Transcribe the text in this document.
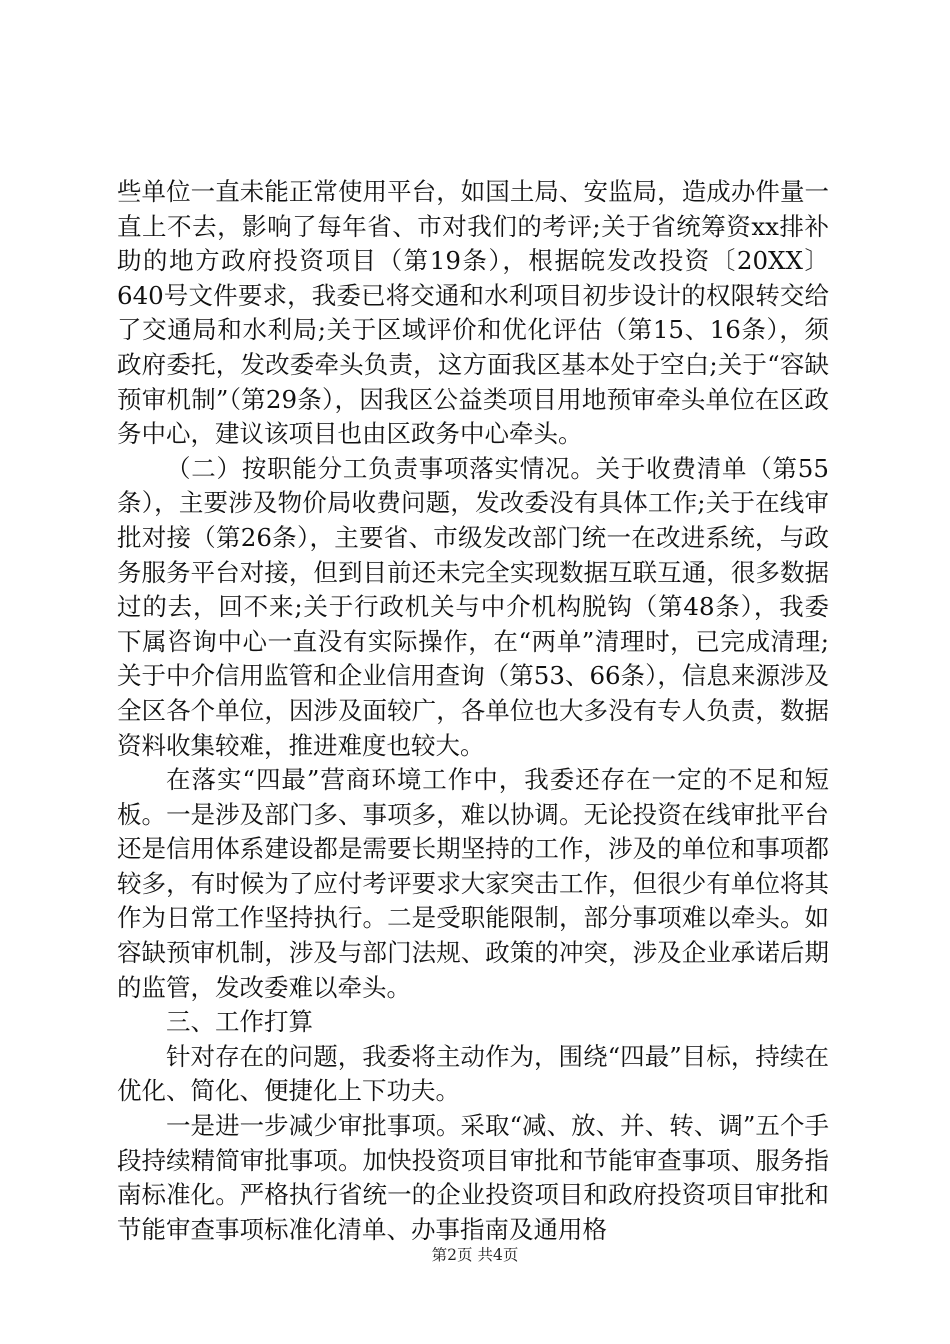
些单位一直未能正常使用平台，如国土局、安监局，造成办件量一直上不去，影响了每年省、市对我们的考评;关于省统筹资xx排补助的地方政府投资项目（第19条），根据皖发改投资〔20XX〕640号文件要求，我委已将交通和水利项目初步设计的权限转交给了交通局和水利局;关于区域评价和优化评估（第15、16条），须政府委托，发改委牵头负责，这方面我区基本处于空白;关于“容缺预审机制”（第29条），因我区公益类项目用地预审牵头单位在区政务中心，建议该项目也由区政务中心牵头。

（二）按职能分工负责事项落实情况。关于收费清单（第55条），主要涉及物价局收费问题，发改委没有具体工作;关于在线审批对接（第26条），主要省、市级发改部门统一在改进系统，与政务服务平台对接，但到目前还未完全实现数据互联互通，很多数据过的去，回不来;关于行政机关与中介机构脱钩（第48条），我委下属咨询中心一直没有实际操作，在“两单”清理时，已完成清理;关于中介信用监管和企业信用查询（第53、66条），信息来源涉及全区各个单位，因涉及面较广，各单位也大多没有专人负责，数据资料收集较难，推进难度也较大。

在落实“四最”营商环境工作中，我委还存在一定的不足和短板。一是涉及部门多、事项多，难以协调。无论投资在线审批平台还是信用体系建设都是需要长期坚持的工作，涉及的单位和事项都较多，有时候为了应付考评要求大家突击工作，但很少有单位将其作为日常工作坚持执行。二是受职能限制，部分事项难以牵头。如容缺预审机制，涉及与部门法规、政策的冲突，涉及企业承诺后期的监管，发改委难以牵头。

三、工作打算

针对存在的问题，我委将主动作为，围绕“四最”目标，持续在优化、简化、便捷化上下功夫。

一是进一步减少审批事项。采取“减、放、并、转、调”五个手段持续精简审批事项。加快投资项目审批和节能审查事项、服务指南标准化。严格执行省统一的企业投资项目和政府投资项目审批和节能审查事项标准化清单、办事指南及通用格

第2页 共4页
